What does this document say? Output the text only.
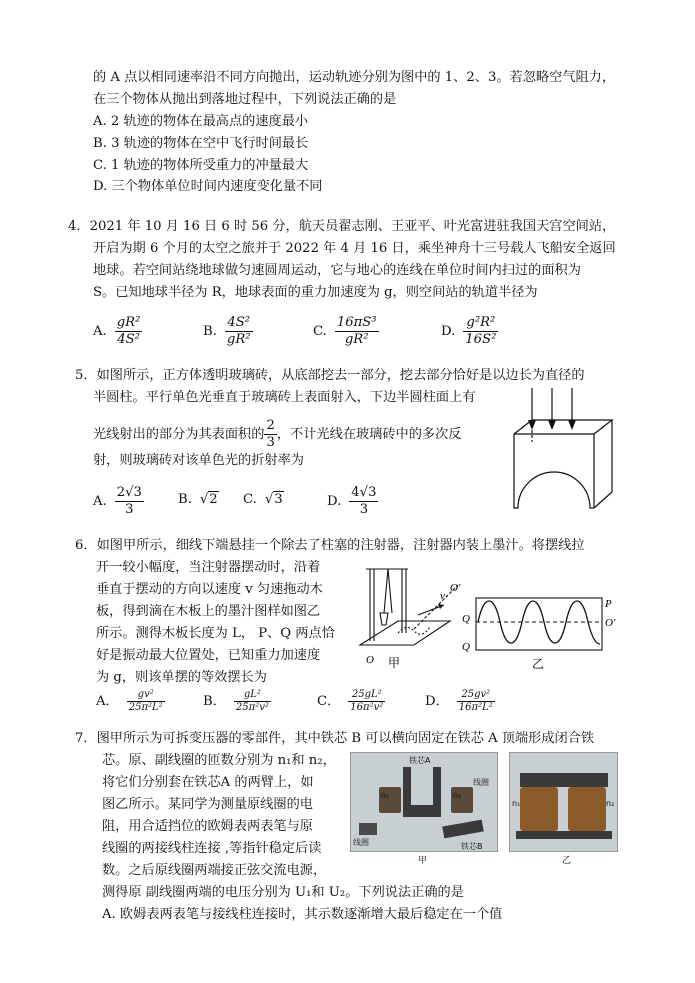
的 A 点以相同速率沿不同方向抛出，运动轨迹分别为图中的 1、2、3。若忽略空气阻力，
在三个物体从抛出到落地过程中，下列说法正确的是
A. 2 轨迹的物体在最高点的速度最小
B. 3 轨迹的物体在空中飞行时间最长
C. 1 轨迹的物体所受重力的冲量最大
D. 三个物体单位时间内速度变化量不同
4．2021 年 10 月 16 日 6 时 56 分，航天员翟志刚、王亚平、叶光富进驻我国天宫空间站，
开启为期 6 个月的太空之旅并于 2022 年 4 月 16 日，乘坐神舟十三号载人飞船安全返回
地球。若空间站绕地球做匀速圆周运动，它与地心的连线在单位时间内扫过的面积为
S。已知地球半径为 R，地球表面的重力加速度为 g，则空间站的轨道半径为
A. $\frac{\text{gR²}}{\text{4S²}}$	B. $\frac{\text{4S²}}{\text{gR²}}$	C. $\frac{\text{16πS³}}{\text{gR²}}$	D. $\frac{\text{g²R²}}{\text{16S²}}$
5．如图所示，正方体透明玻璃砖，从底部挖去一部分，挖去部分恰好是以边长为直径的
半圆柱。平行单色光垂直于玻璃砖上表面射入，下边半圆柱面上有
光线射出的部分为其表面积的 $\frac{2}{3}$ ，不计光线在玻璃砖中的多次反
射，则玻璃砖对该单色光的折射率为
A. $\frac{2√3}{3}$	B. √2 C. √3	D. $\frac{4√3}{3}$
6．如图甲所示，细线下端悬挂一个除去了柱塞的注射器，注射器内装上墨汁。将摆线拉
开一较小幅度，当注射器摆动时，沿着
垂直于摆动的方向以速度 v 匀速拖动木
板，得到滴在木板上的墨汁图样如图乙
所示。测得木板长度为 L， P、Q 两点恰
好是振动最大位置处，已知重力加速度
为 g，则该单摆的等效摆长为
v
O′
O 甲
P
O′
Q
Q
乙
A． $\frac{\text{gv²}}{\text{25π²L²}}$	B． $\frac{\text{gL²}}{\text{25π²v²}}$	C． $\frac{\text{25gL²}}{\text{16π²v²}}$	D． $\frac{\text{25gv²}}{\text{16π²L²}}$
7．图甲所示为可拆变压器的零部件，其中铁芯 B 可以横向固定在铁芯 A 顶端形成闭合铁
芯。原、副线圈的匝数分别为 n₁和 n₂，
将它们分别套在铁芯A 的两臂上，如
图乙所示。某同学为测量原线圈的电
阻，用合适挡位的欧姆表两表笔与原
线圈的两接线柱连接 ,等指针稳定后读
数。之后原线圈两端接正弦交流电源，
测得原 副线圈两端的电压分别为 U₁和 U₂。下列说法正确的是
A. 欧姆表两表笔与接线柱连接时，其示数逐渐增大最后稳定在一个值
铁芯A
线圈
线圈	铁芯B
n₁	n₂
甲
n₁	n₂
乙
